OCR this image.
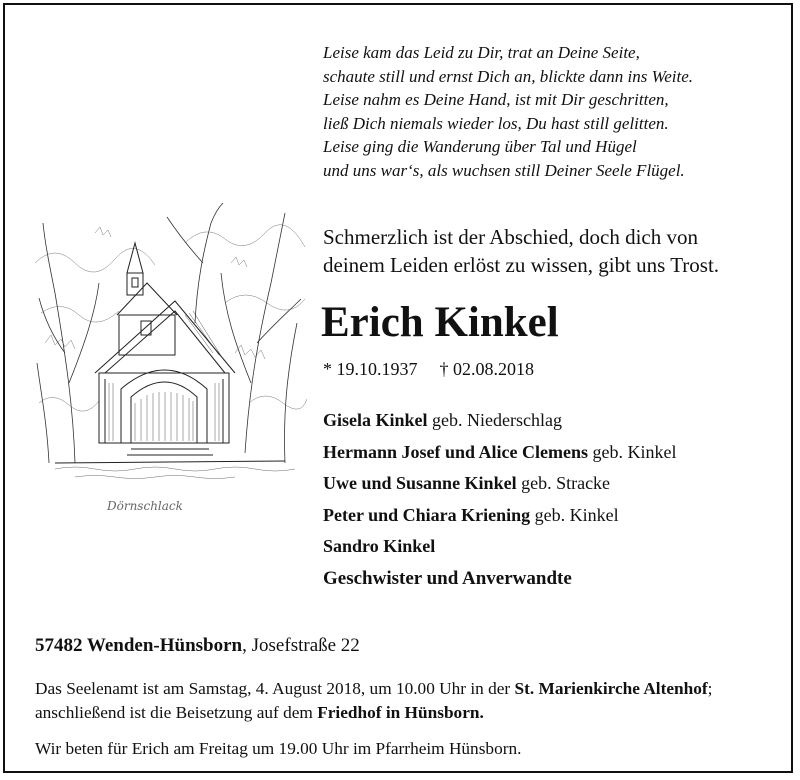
Leise kam das Leid zu Dir, trat an Deine Seite,
schaute still und ernst Dich an, blickte dann ins Weite.
Leise nahm es Deine Hand, ist mit Dir geschritten,
ließ Dich niemals wieder los, Du hast still gelitten.
Leise ging die Wanderung über Tal und Hügel
und uns war‘s, als wuchsen still Deiner Seele Flügel.
Dörnschlack
Schmerzlich ist der Abschied, doch dich von
deinem Leiden erlöst zu wissen, gibt uns Trost.
Erich Kinkel
* 19.10.1937 † 02.08.2018
Gisela Kinkel geb. Niederschlag
Hermann Josef und Alice Clemens geb. Kinkel
Uwe und Susanne Kinkel geb. Stracke
Peter und Chiara Kriening geb. Kinkel
Sandro Kinkel
Geschwister und Anverwandte
57482 Wenden-Hünsborn, Josefstraße 22
Das Seelenamt ist am Samstag, 4. August 2018, um 10.00 Uhr in der St. Marienkirche Altenhof; anschließend ist die Beisetzung auf dem Friedhof in Hünsborn.
Wir beten für Erich am Freitag um 19.00 Uhr im Pfarrheim Hünsborn.
